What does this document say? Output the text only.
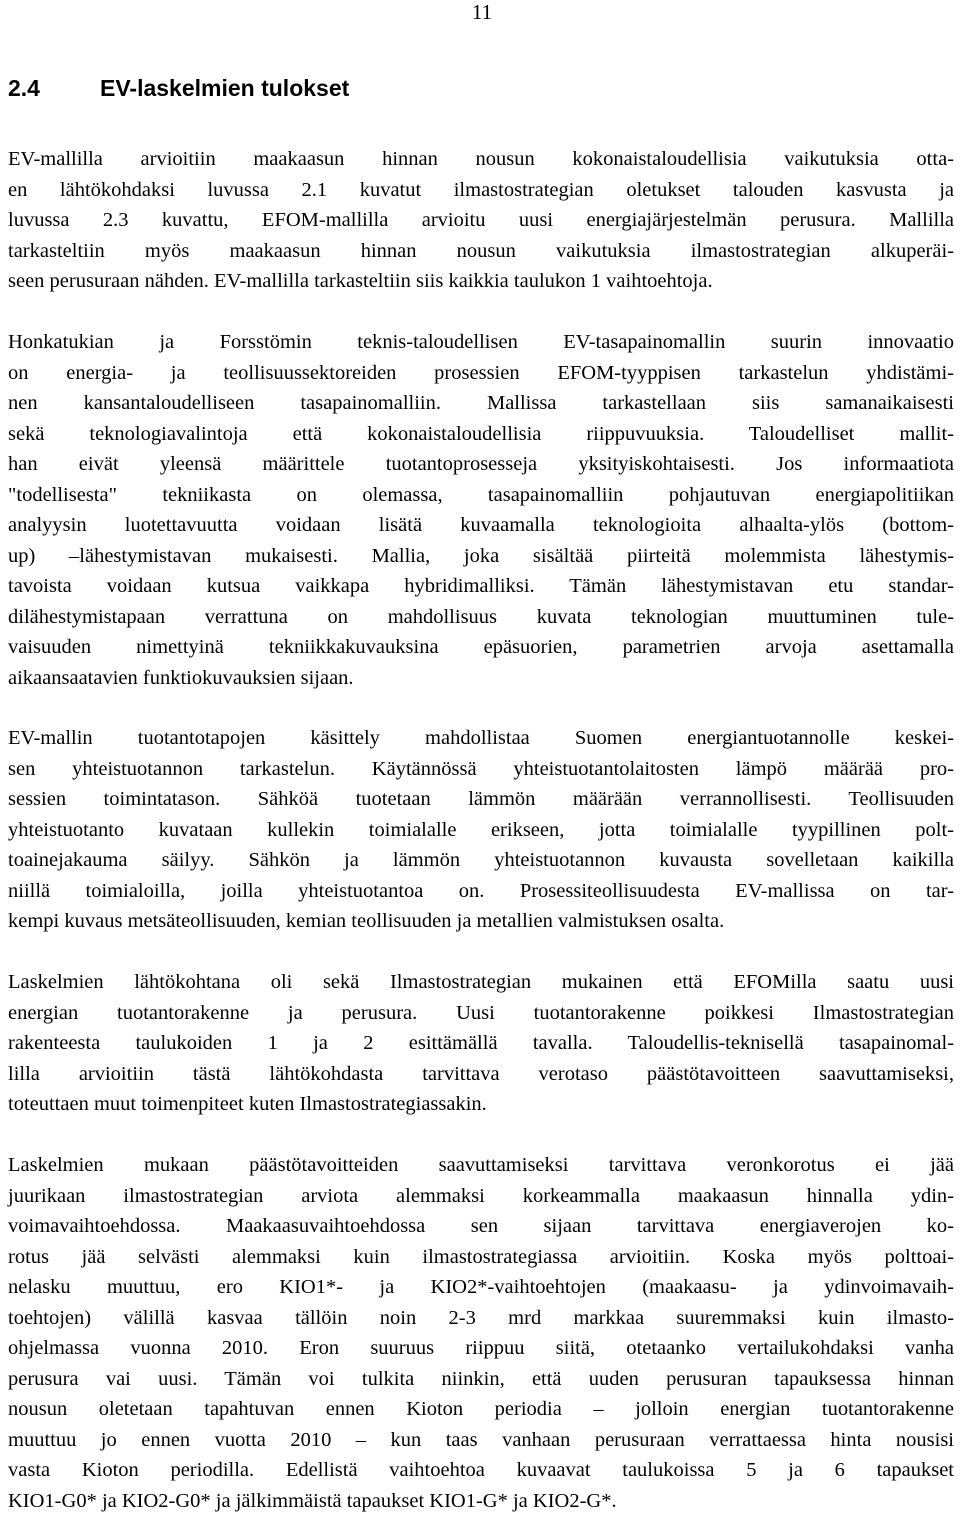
11
2.4	EV-laskelmien tulokset
EV-mallilla arvioitiin maakaasun hinnan nousun kokonaistaloudellisia vaikutuksia otta-
en lähtökohdaksi luvussa 2.1 kuvatut ilmastostrategian oletukset talouden kasvusta ja
luvussa 2.3 kuvattu, EFOM-mallilla arvioitu uusi energiajärjestelmän perusura. Mallilla
tarkasteltiin myös maakaasun hinnan nousun vaikutuksia ilmastostrategian alkuperäi-
seen perusuraan nähden. EV-mallilla tarkasteltiin siis kaikkia taulukon 1 vaihtoehtoja.
Honkatukian ja Forsstömin teknis-taloudellisen EV-tasapainomallin suurin innovaatio
on energia- ja teollisuussektoreiden prosessien EFOM-tyyppisen tarkastelun yhdistämi-
nen kansantaloudelliseen tasapainomalliin. Mallissa tarkastellaan siis samanaikaisesti
sekä teknologiavalintoja että kokonaistaloudellisia riippuvuuksia. Taloudelliset mallit-
han eivät yleensä määrittele tuotantoprosesseja yksityiskohtaisesti. Jos informaatiota
"todellisesta" tekniikasta on olemassa, tasapainomalliin pohjautuvan energiapolitiikan
analyysin luotettavuutta voidaan lisätä kuvaamalla teknologioita alhaalta-ylös (bottom-
up) –lähestymistavan mukaisesti. Mallia, joka sisältää piirteitä molemmista lähestymis-
tavoista voidaan kutsua vaikkapa hybridimalliksi. Tämän lähestymistavan etu standar-
dilähestymistapaan verrattuna on mahdollisuus kuvata teknologian muuttuminen tule-
vaisuuden nimettyinä tekniikkakuvauksina epäsuorien, parametrien arvoja asettamalla
aikaansaatavien funktiokuvauksien sijaan.
EV-mallin tuotantotapojen käsittely mahdollistaa Suomen energiantuotannolle keskei-
sen yhteistuotannon tarkastelun. Käytännössä yhteistuotantolaitosten lämpö määrää pro-
sessien toimintatason. Sähköä tuotetaan lämmön määrään verrannollisesti. Teollisuuden
yhteistuotanto kuvataan kullekin toimialalle erikseen, jotta toimialalle tyypillinen polt-
toainejakauma säilyy. Sähkön ja lämmön yhteistuotannon kuvausta sovelletaan kaikilla
niillä toimialoilla, joilla yhteistuotantoa on. Prosessiteollisuudesta EV-mallissa on tar-
kempi kuvaus metsäteollisuuden, kemian teollisuuden ja metallien valmistuksen osalta.
Laskelmien lähtökohtana oli sekä Ilmastostrategian mukainen että EFOMilla saatu uusi
energian tuotantorakenne ja perusura. Uusi tuotantorakenne poikkesi Ilmastostrategian
rakenteesta taulukoiden 1 ja 2 esittämällä tavalla. Taloudellis-teknisellä tasapainomal-
lilla arvioitiin tästä lähtökohdasta tarvittava verotaso päästötavoitteen saavuttamiseksi,
toteuttaen muut toimenpiteet kuten Ilmastostrategiassakin.
Laskelmien mukaan päästötavoitteiden saavuttamiseksi tarvittava veronkorotus ei jää
juurikaan ilmastostrategian arviota alemmaksi korkeammalla maakaasun hinnalla ydin-
voimavaihtoehdossa. Maakaasuvaihtoehdossa sen sijaan tarvittava energiaverojen ko-
rotus jää selvästi alemmaksi kuin ilmastostrategiassa arvioitiin. Koska myös polttoai-
nelasku muuttuu, ero KIO1*- ja KIO2*-vaihtoehtojen (maakaasu- ja ydinvoimavaih-
toehtojen) välillä kasvaa tällöin noin 2-3 mrd markkaa suuremmaksi kuin ilmasto-
ohjelmassa vuonna 2010. Eron suuruus riippuu siitä, otetaanko vertailukohdaksi vanha
perusura vai uusi. Tämän voi tulkita niinkin, että uuden perusuran tapauksessa hinnan
nousun oletetaan tapahtuvan ennen Kioton periodia – jolloin energian tuotantorakenne
muuttuu jo ennen vuotta 2010 – kun taas vanhaan perusuraan verrattaessa hinta nousisi
vasta Kioton periodilla. Edellistä vaihtoehtoa kuvaavat taulukoissa 5 ja 6 tapaukset
KIO1-G0* ja KIO2-G0* ja jälkimmäistä tapaukset KIO1-G* ja KIO2-G*.
